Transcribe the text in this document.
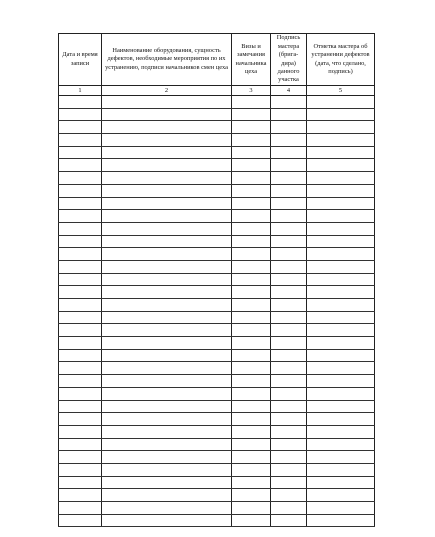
Дата и время записи	Наименование оборудования, сущность дефектов, необходимые мероприятия по их устранению, подписи начальников смен цеха	Визы и замечания начальника цеха	Подпись мастера (брига-дира) данного участка	Отметка мастера об устранении дефектов (дата, что сделано, подпись)
1	2	3	4	5
